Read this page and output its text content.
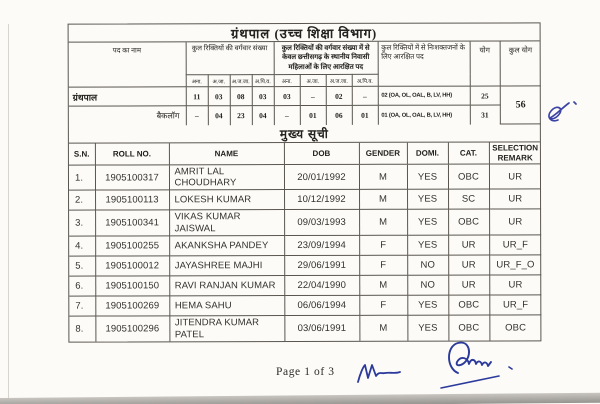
ग्रंथपाल (उच्च शिक्षा विभाग)
पद का नाम	कुल रिक्तियों की वर्गवार संख्या				कुल रिक्तियों की वर्गवार संख्या में से केवल छत्तीसगढ़ के स्थानीय निवासी महिलाओं के लिए आरक्षित पद				कुल रिक्तियों में से निःशक्तजनों के लिए आरक्षित पद	योग	कुल योग
	अना.	अ.जा.	अ.ज.जा.	अ.पि.व.	अना.	अ.जा.	अ.ज.जा.	अ.पि.व.			
ग्रंथपाल	11	03	08	03	03	–	02	–	02 (OA, OL, OAL, B, LV, HH)	25	56
बैकलॉग	–	04	23	04	–	01	06	01	01 (OA, OL, OAL, B, LV, HH)	31	
मुख्य सूची
S.N.	ROLL NO.	NAME	DOB	GENDER	DOMI.	CAT.	SELECTION REMARK
1.	1905100317	AMRIT LAL CHOUDHARY	20/01/1992	M	YES	OBC	UR
2.	1905100113	LOKESH KUMAR	10/12/1992	M	YES	SC	UR
3.	1905100341	VIKAS KUMAR JAISWAL	09/03/1993	M	YES	OBC	UR
4.	1905100255	AKANKSHA PANDEY	23/09/1994	F	YES	UR	UR_F
5.	1905100012	JAYASHREE MAJHI	29/06/1991	F	NO	UR	UR_F_O
6.	1905100150	RAVI RANJAN KUMAR	22/04/1990	M	NO	UR	UR
7.	1905100269	HEMA SAHU	06/06/1994	F	YES	OBC	UR_F
8.	1905100296	JITENDRA KUMAR PATEL	03/06/1991	M	YES	OBC	OBC
Page 1 of 3
